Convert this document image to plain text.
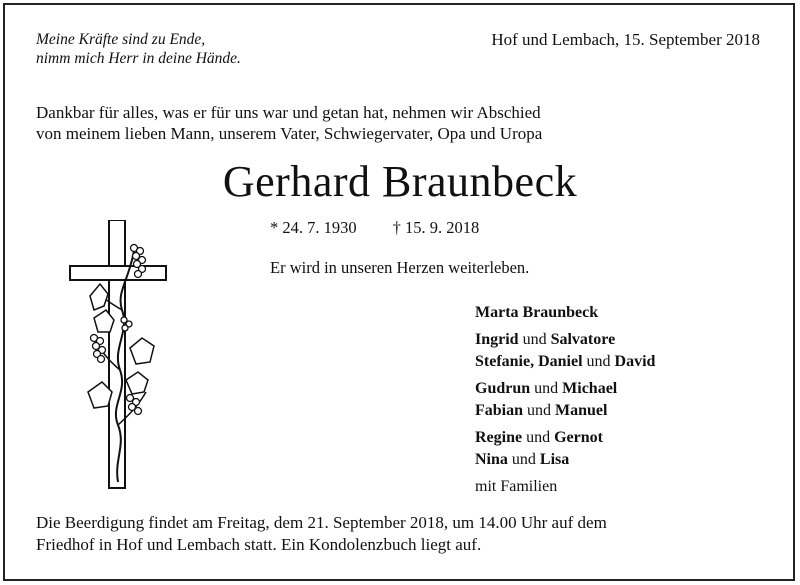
Meine Kräfte sind zu Ende,
nimm mich Herr in deine Hände.
Hof und Lembach, 15. September 2018
Dankbar für alles, was er für uns war und getan hat, nehmen wir Abschied
von meinem lieben Mann, unserem Vater, Schwiegervater, Opa und Uropa
Gerhard Braunbeck
* 24. 7. 1930 † 15. 9. 2018
Er wird in unseren Herzen weiterleben.
Marta Braunbeck
Ingrid und Salvatore
Stefanie, Daniel und David
Gudrun und Michael
Fabian und Manuel
Regine und Gernot
Nina und Lisa
mit Familien
Die Beerdigung findet am Freitag, dem 21. September 2018, um 14.00 Uhr auf dem
Friedhof in Hof und Lembach statt. Ein Kondolenzbuch liegt auf.
